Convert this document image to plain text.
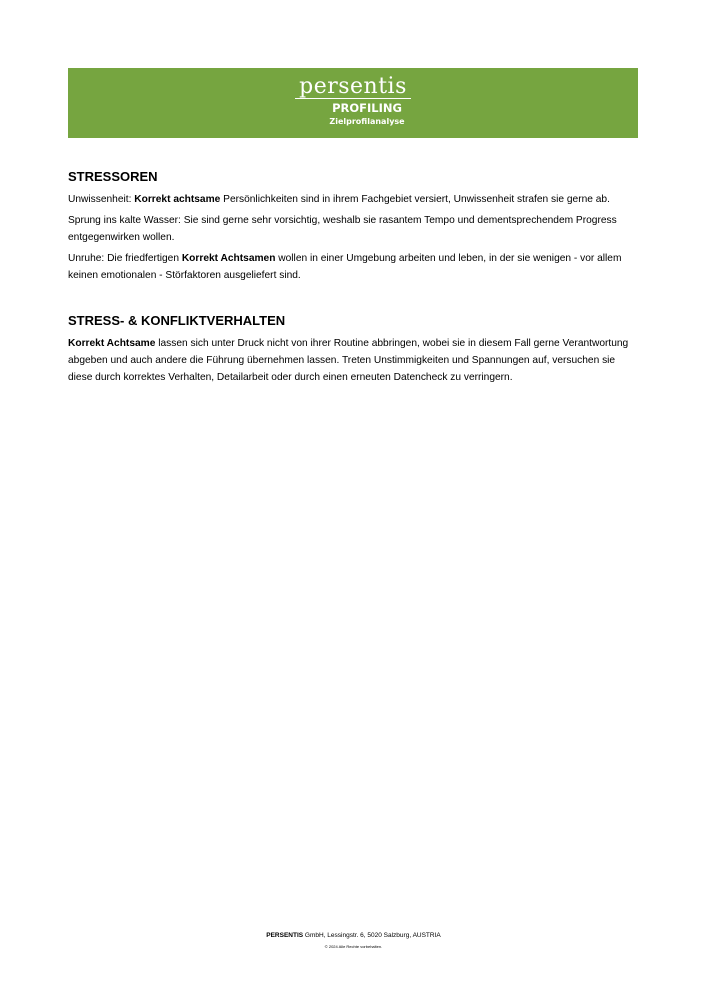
persentis
PROFILING
Zielprofilanalyse
STRESSOREN

Unwissenheit: Korrekt achtsame Persönlichkeiten sind in ihrem Fachgebiet versiert, Unwissenheit strafen sie gerne ab.

Sprung ins kalte Wasser: Sie sind gerne sehr vorsichtig, weshalb sie rasantem Tempo und dementsprechendem Progress entgegenwirken wollen.

Unruhe: Die friedfertigen Korrekt Achtsamen wollen in einer Umgebung arbeiten und leben, in der sie wenigen - vor allem keinen emotionalen - Störfaktoren ausgeliefert sind.

STRESS- & KONFLIKTVERHALTEN

Korrekt Achtsame lassen sich unter Druck nicht von ihrer Routine abbringen, wobei sie in diesem Fall gerne Verantwortung abgeben und auch andere die Führung übernehmen lassen. Treten Unstimmigkeiten und Spannungen auf, versuchen sie diese durch korrektes Verhalten, Detailarbeit oder durch einen erneuten Datencheck zu verringern.

PERSENTIS GmbH, Lessingstr. 6, 5020 Salzburg, AUSTRIA
© 2024 Alle Rechte vorbehalten.
